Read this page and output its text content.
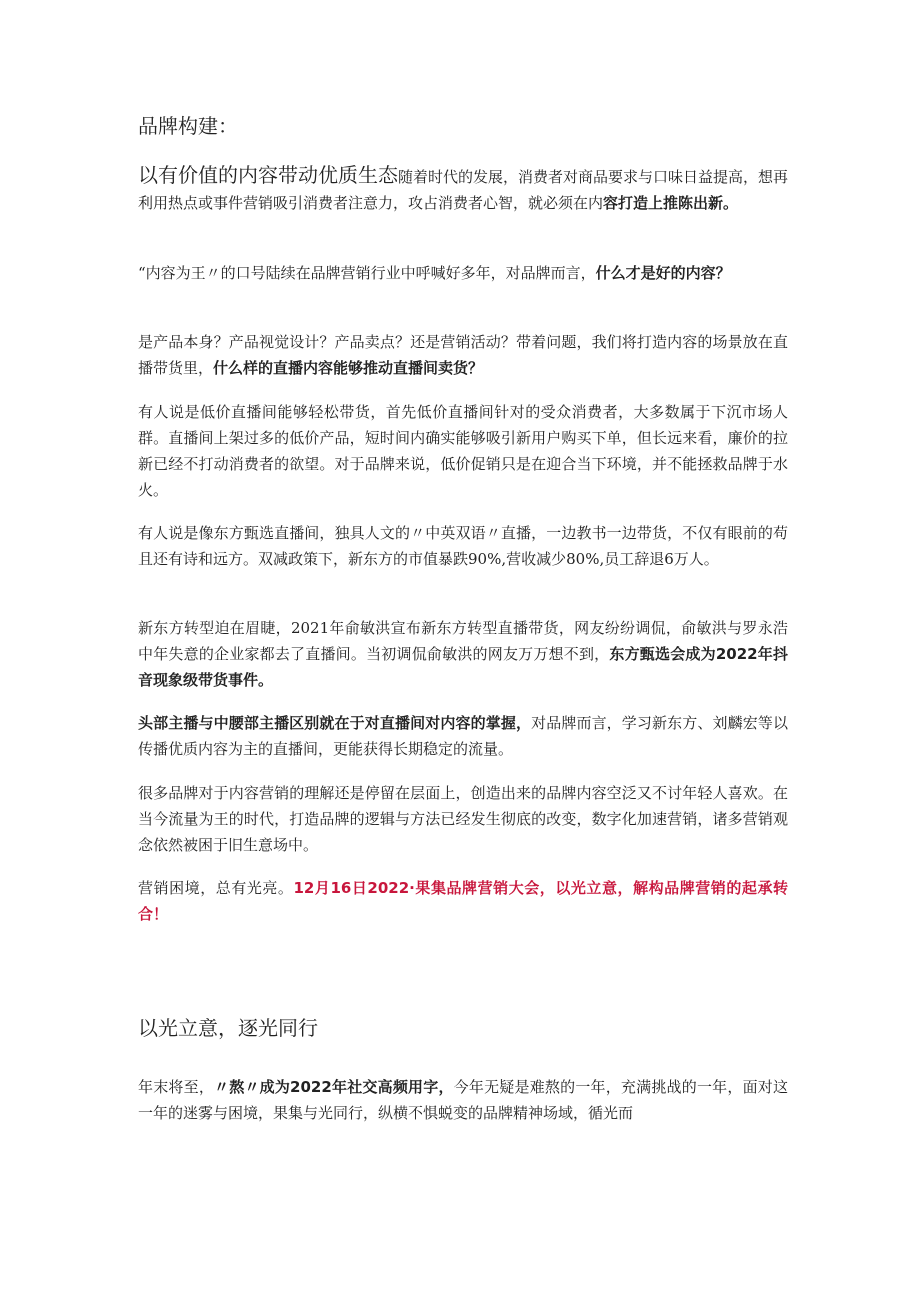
品牌构建：
以有价值的内容带动优质生态随着时代的发展，消费者对商品要求与口味日益提高，想再利用热点或事件营销吸引消费者注意力，攻占消费者心智，就必须在内容打造上推陈出新。
“内容为王〃的口号陆续在品牌营销行业中呼喊好多年，对品牌而言，什么才是好的内容？
是产品本身？产品视觉设计？产品卖点？还是营销活动？带着问题，我们将打造内容的场景放在直播带货里，什么样的直播内容能够推动直播间卖货？
有人说是低价直播间能够轻松带货，首先低价直播间针对的受众消费者，大多数属于下沉市场人群。直播间上架过多的低价产品，短时间内确实能够吸引新用户购买下单，但长远来看，廉价的拉新已经不打动消费者的欲望。对于品牌来说，低价促销只是在迎合当下环境，并不能拯救品牌于水火。
有人说是像东方甄选直播间，独具人文的〃中英双语〃直播，一边教书一边带货，不仅有眼前的苟且还有诗和远方。双减政策下，新东方的市值暴跌90%,营收减少80%,员工辞退6万人。
新东方转型迫在眉睫，2021年俞敏洪宣布新东方转型直播带货，网友纷纷调侃，俞敏洪与罗永浩中年失意的企业家都去了直播间。当初调侃俞敏洪的网友万万想不到，东方甄选会成为2022年抖音现象级带货事件。
头部主播与中腰部主播区别就在于对直播间对内容的掌握，对品牌而言，学习新东方、刘麟宏等以传播优质内容为主的直播间，更能获得长期稳定的流量。
很多品牌对于内容营销的理解还是停留在层面上，创造出来的品牌内容空泛又不讨年轻人喜欢。在当今流量为王的时代，打造品牌的逻辑与方法已经发生彻底的改变，数字化加速营销，诸多营销观念依然被困于旧生意场中。
营销困境，总有光亮。12月16日2022·果集品牌营销大会，以光立意，解构品牌营销的起承转合！
以光立意，逐光同行
年末将至，〃熬〃成为2022年社交高频用字，今年无疑是难熬的一年，充满挑战的一年，面对这一年的迷雾与困境，果集与光同行，纵横不惧蜕变的品牌精神场域，循光而
